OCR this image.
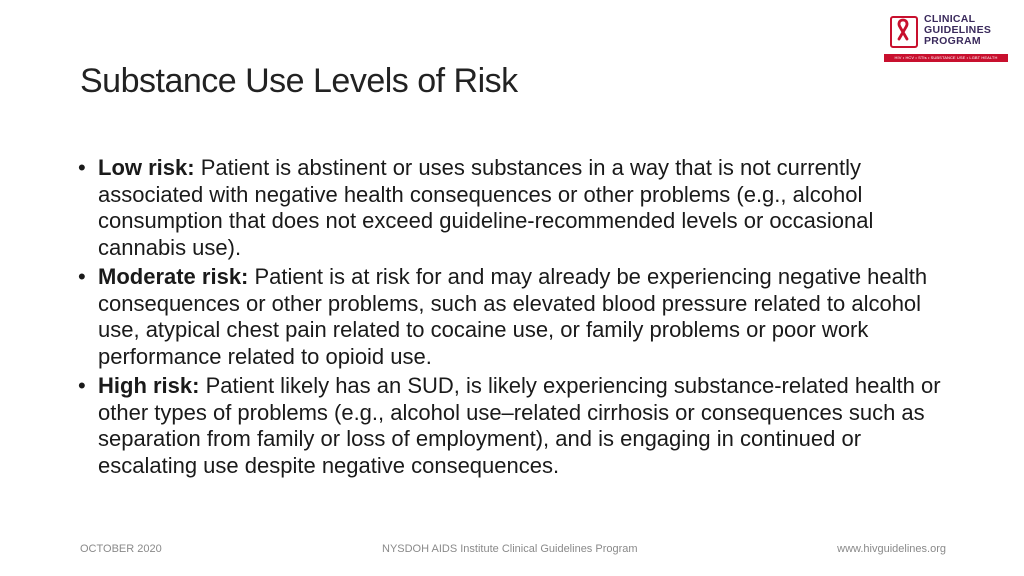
Substance Use Levels of Risk
CLINICAL
GUIDELINES
PROGRAM
HIV • HCV • STIs • SUBSTANCE USE • LGBT HEALTH
• Low risk: Patient is abstinent or uses substances in a way that is not currently associated with negative health consequences or other problems (e.g., alcohol consumption that does not exceed guideline-recommended levels or occasional cannabis use).
• Moderate risk: Patient is at risk for and may already be experiencing negative health consequences or other problems, such as elevated blood pressure related to alcohol use, atypical chest pain related to cocaine use, or family problems or poor work performance related to opioid use.
• High risk: Patient likely has an SUD, is likely experiencing substance-related health or other types of problems (e.g., alcohol use–related cirrhosis or consequences such as separation from family or loss of employment), and is engaging in continued or escalating use despite negative consequences.
OCTOBER 2020	NYSDOH AIDS Institute Clinical Guidelines Program	www.hivguidelines.org
